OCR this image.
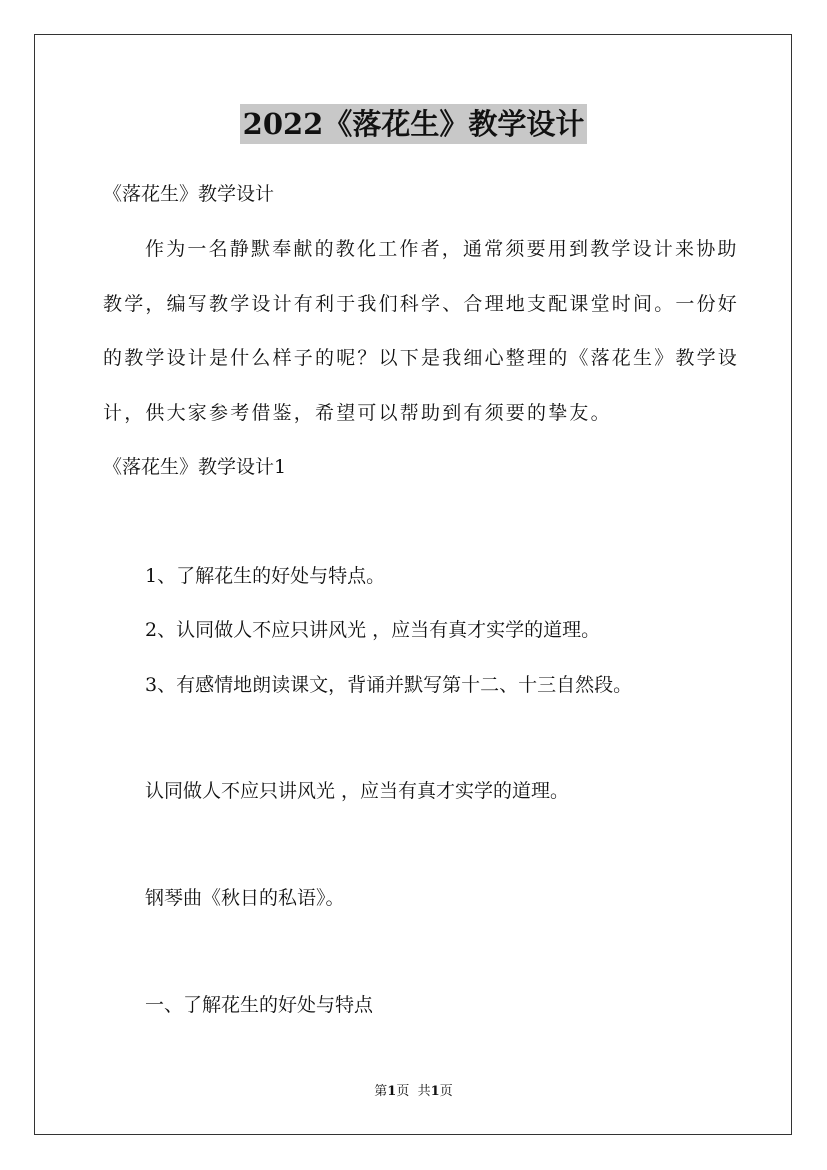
2022《落花生》教学设计
《落花生》教学设计
作为一名静默奉献的教化工作者，通常须要用到教学设计来协助
教学，编写教学设计有利于我们科学、合理地支配课堂时间。一份好
的教学设计是什么样子的呢？以下是我细心整理的《落花生》教学设
计，供大家参考借鉴，希望可以帮助到有须要的挚友。
《落花生》教学设计1
1、了解花生的好处与特点。
2、认同做人不应只讲风光 ，应当有真才实学的道理。
3、有感情地朗读课文，背诵并默写第十二、十三自然段。
认同做人不应只讲风光 ，应当有真才实学的道理。
钢琴曲《秋日的私语》。
一、了解花生的好处与特点
第1页 共1页
